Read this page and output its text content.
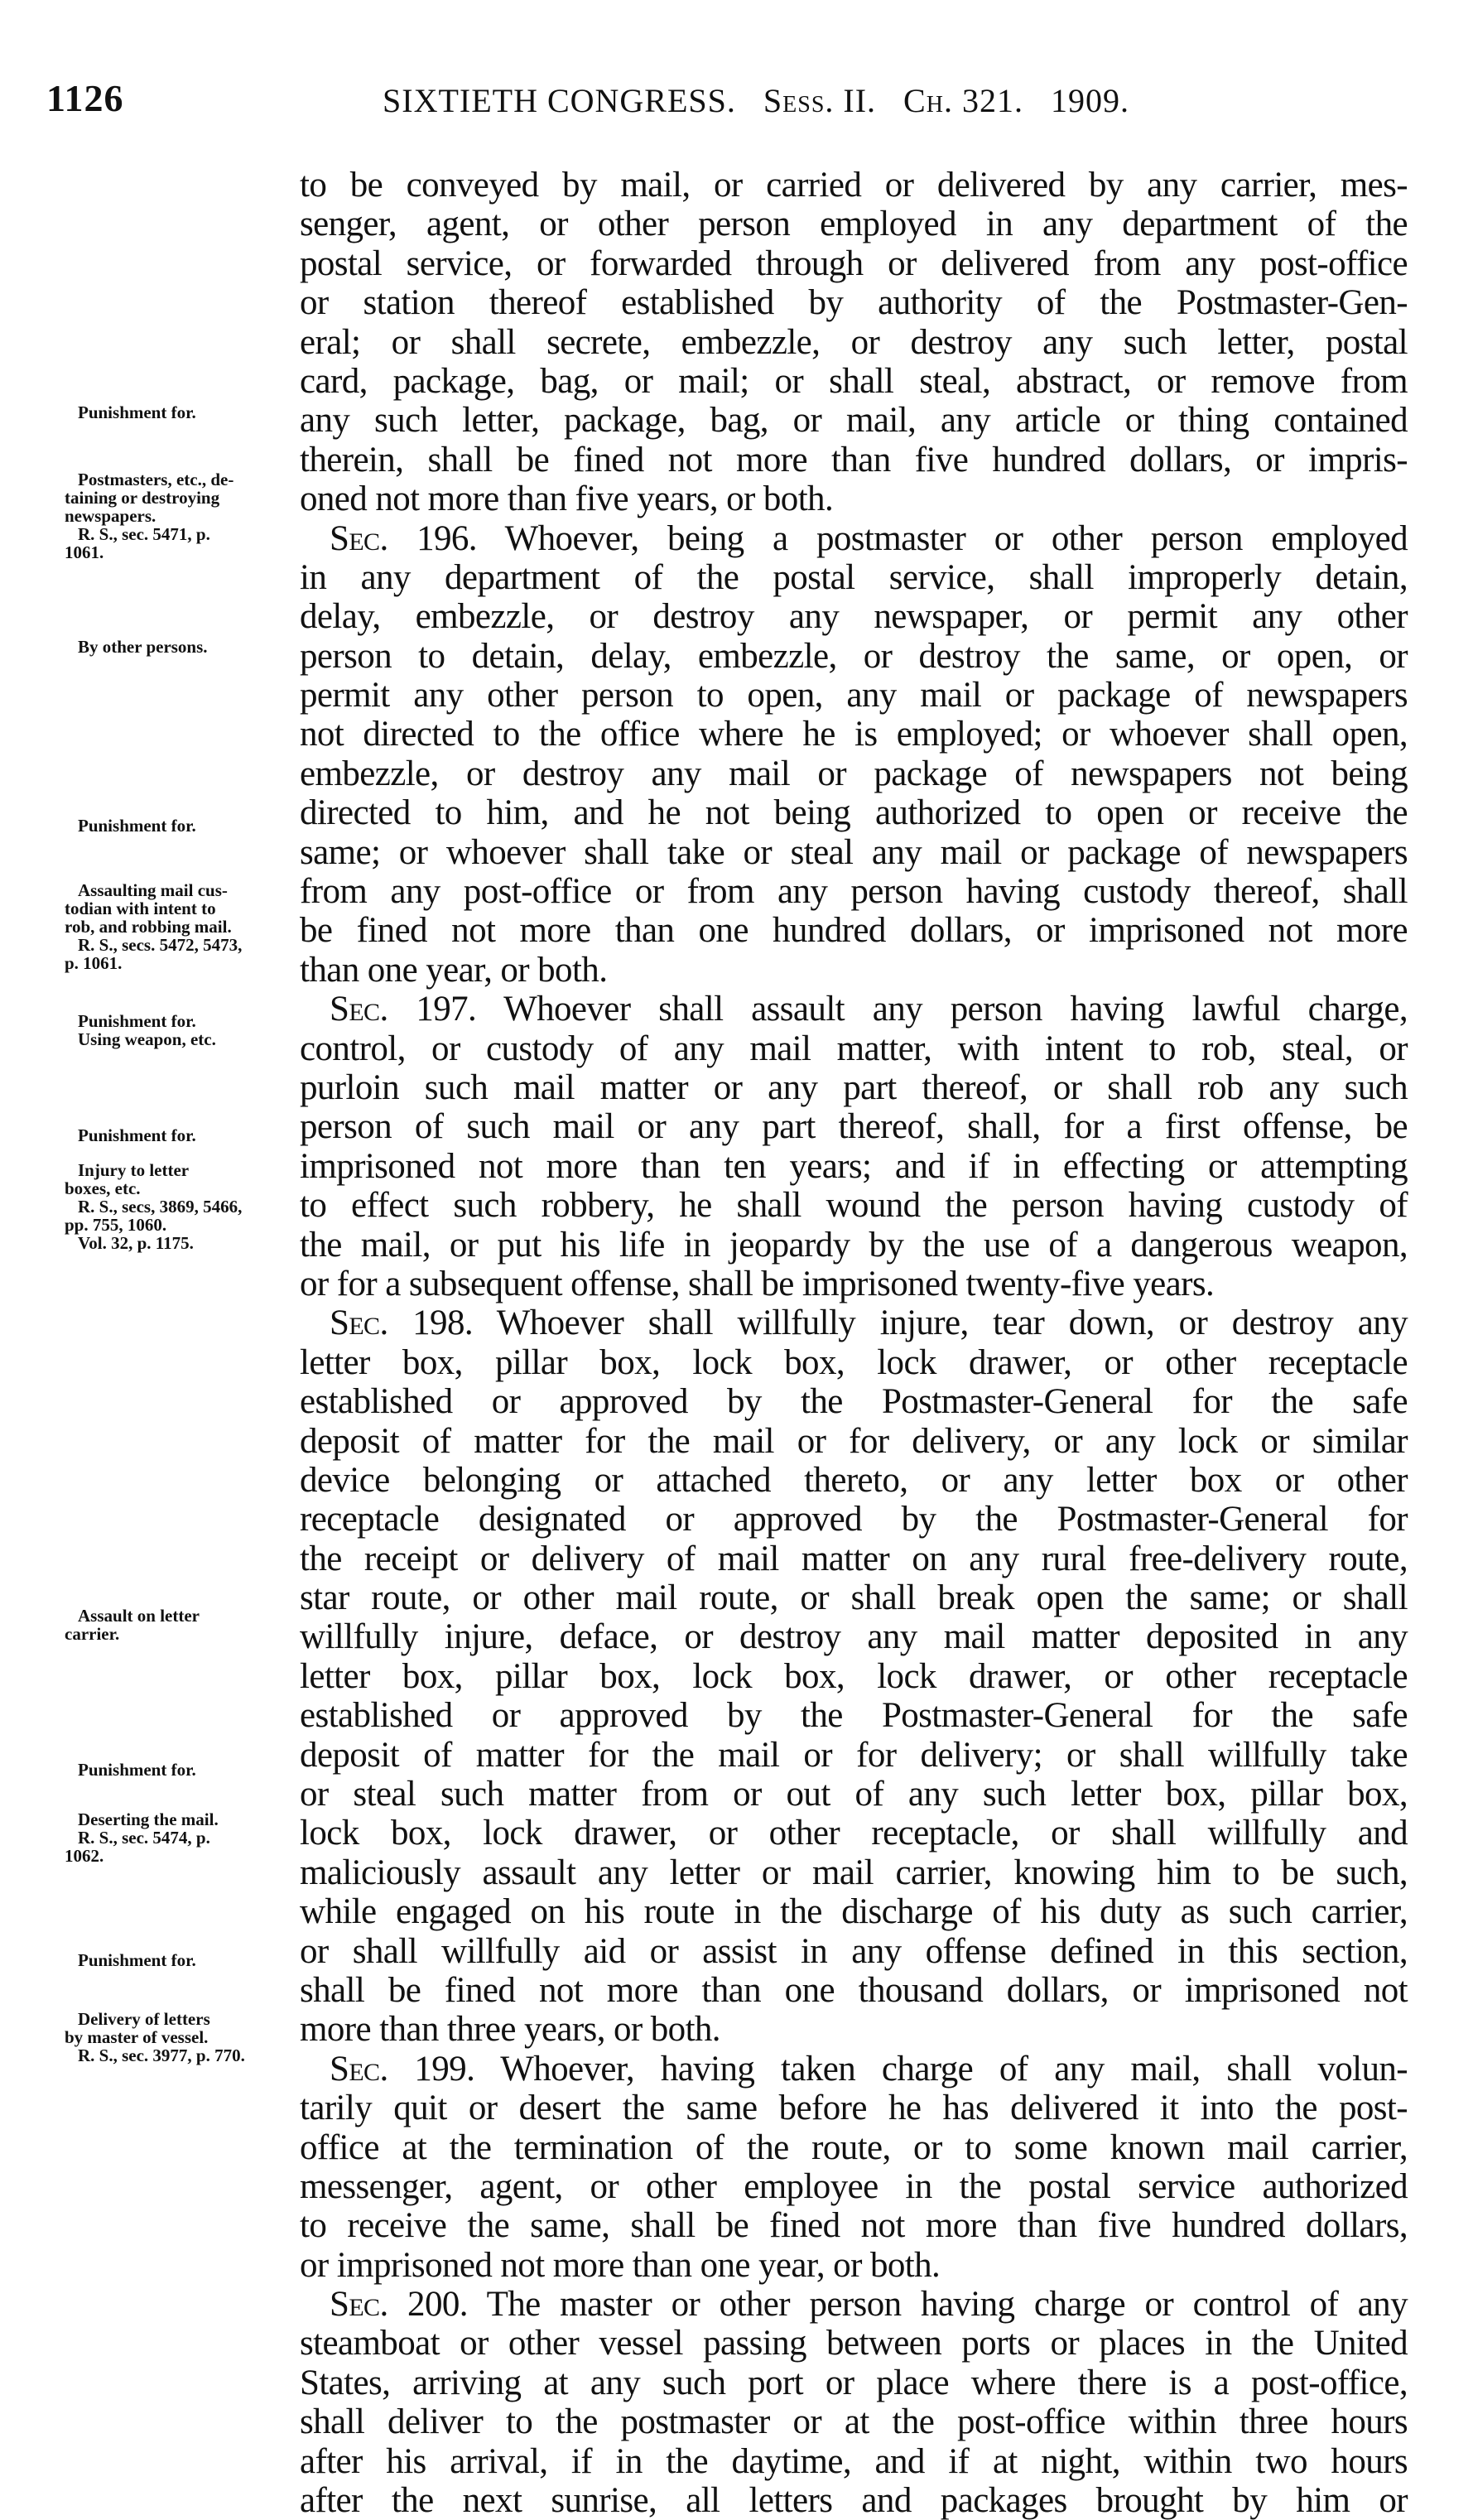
1126	SIXTIETH CONGRESS. Sess. II. Ch. 321. 1909.
Punishment for.
Postmasters, etc., de-
taining or destroying
newspapers.
R. S., sec. 5471, p.
1061.
By other persons.
Punishment for.
Assaulting mail cus-
todian with intent to
rob, and robbing mail.
R. S., secs. 5472, 5473,
p. 1061.
Punishment for.
Using weapon, etc.
Punishment for.
Injury to letter
boxes, etc.
R. S., secs, 3869, 5466,
pp. 755, 1060.
Vol. 32, p. 1175.
Assault on letter
carrier.
Punishment for.
Deserting the mail.
R. S., sec. 5474, p.
1062.
Punishment for.
Delivery of letters
by master of vessel.
R. S., sec. 3977, p. 770.
to be conveyed by mail, or carried or delivered by any carrier, mes-
senger, agent, or other person employed in any department of the
postal service, or forwarded through or delivered from any post-office
or station thereof established by authority of the Postmaster-Gen-
eral; or shall secrete, embezzle, or destroy any such letter, postal
card, package, bag, or mail; or shall steal, abstract, or remove from
any such letter, package, bag, or mail, any article or thing contained
therein, shall be fined not more than five hundred dollars, or impris-
oned not more than five years, or both.
Sec. 196. Whoever, being a postmaster or other person employed
in any department of the postal service, shall improperly detain,
delay, embezzle, or destroy any newspaper, or permit any other
person to detain, delay, embezzle, or destroy the same, or open, or
permit any other person to open, any mail or package of newspapers
not directed to the office where he is employed; or whoever shall open,
embezzle, or destroy any mail or package of newspapers not being
directed to him, and he not being authorized to open or receive the
same; or whoever shall take or steal any mail or package of newspapers
from any post-office or from any person having custody thereof, shall
be fined not more than one hundred dollars, or imprisoned not more
than one year, or both.
Sec. 197. Whoever shall assault any person having lawful charge,
control, or custody of any mail matter, with intent to rob, steal, or
purloin such mail matter or any part thereof, or shall rob any such
person of such mail or any part thereof, shall, for a first offense, be
imprisoned not more than ten years; and if in effecting or attempting
to effect such robbery, he shall wound the person having custody of
the mail, or put his life in jeopardy by the use of a dangerous weapon,
or for a subsequent offense, shall be imprisoned twenty-five years.
Sec. 198. Whoever shall willfully injure, tear down, or destroy any
letter box, pillar box, lock box, lock drawer, or other receptacle
established or approved by the Postmaster-General for the safe
deposit of matter for the mail or for delivery, or any lock or similar
device belonging or attached thereto, or any letter box or other
receptacle designated or approved by the Postmaster-General for
the receipt or delivery of mail matter on any rural free-delivery route,
star route, or other mail route, or shall break open the same; or shall
willfully injure, deface, or destroy any mail matter deposited in any
letter box, pillar box, lock box, lock drawer, or other receptacle
established or approved by the Postmaster-General for the safe
deposit of matter for the mail or for delivery; or shall willfully take
or steal such matter from or out of any such letter box, pillar box,
lock box, lock drawer, or other receptacle, or shall willfully and
maliciously assault any letter or mail carrier, knowing him to be such,
while engaged on his route in the discharge of his duty as such carrier,
or shall willfully aid or assist in any offense defined in this section,
shall be fined not more than one thousand dollars, or imprisoned not
more than three years, or both.
Sec. 199. Whoever, having taken charge of any mail, shall volun-
tarily quit or desert the same before he has delivered it into the post-
office at the termination of the route, or to some known mail carrier,
messenger, agent, or other employee in the postal service authorized
to receive the same, shall be fined not more than five hundred dollars,
or imprisoned not more than one year, or both.
Sec. 200. The master or other person having charge or control of any
steamboat or other vessel passing between ports or places in the United
States, arriving at any such port or place where there is a post-office,
shall deliver to the postmaster or at the post-office within three hours
after his arrival, if in the daytime, and if at night, within two hours
after the next sunrise, all letters and packages brought by him or
